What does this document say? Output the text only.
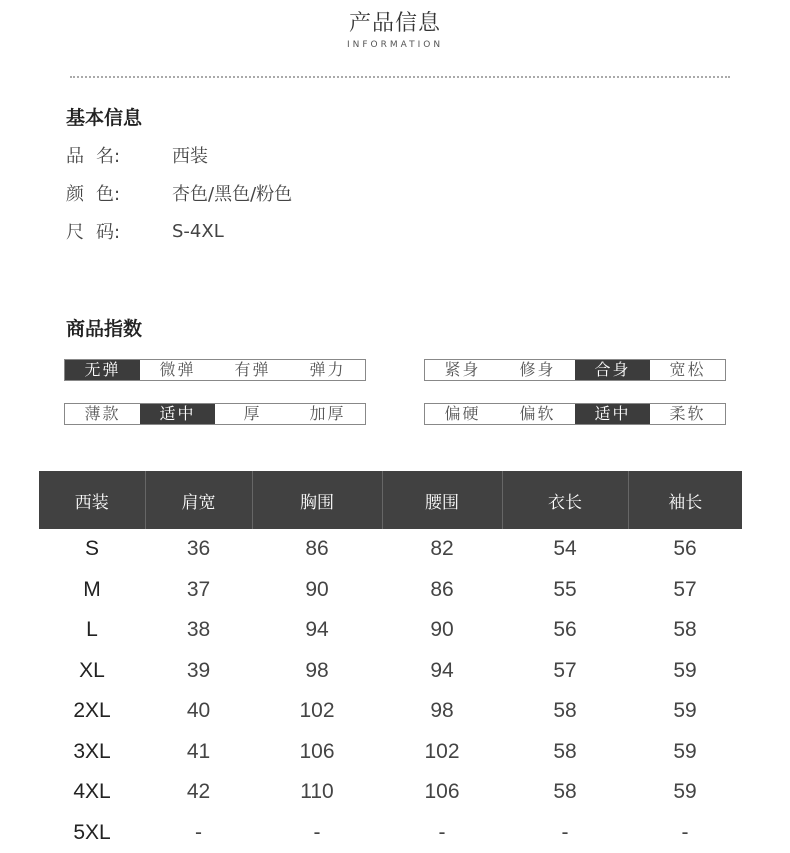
产品信息
INFORMATION
基本信息
品 名:	西装
颜 色:	杏色/黑色/粉色
尺 码:	S-4XL
商品指数
无弹	微弹	有弹	弹力	紧身	修身	合身	宽松
薄款	适中	厚	加厚	偏硬	偏软	适中	柔软
西装	肩宽	胸围	腰围	衣长	袖长
S	36	86	82	54	56
M	37	90	86	55	57
L	38	94	90	56	58
XL	39	98	94	57	59
2XL	40	102	98	58	59
3XL	41	106	102	58	59
4XL	42	110	106	58	59
5XL	-	-	-	-	-
